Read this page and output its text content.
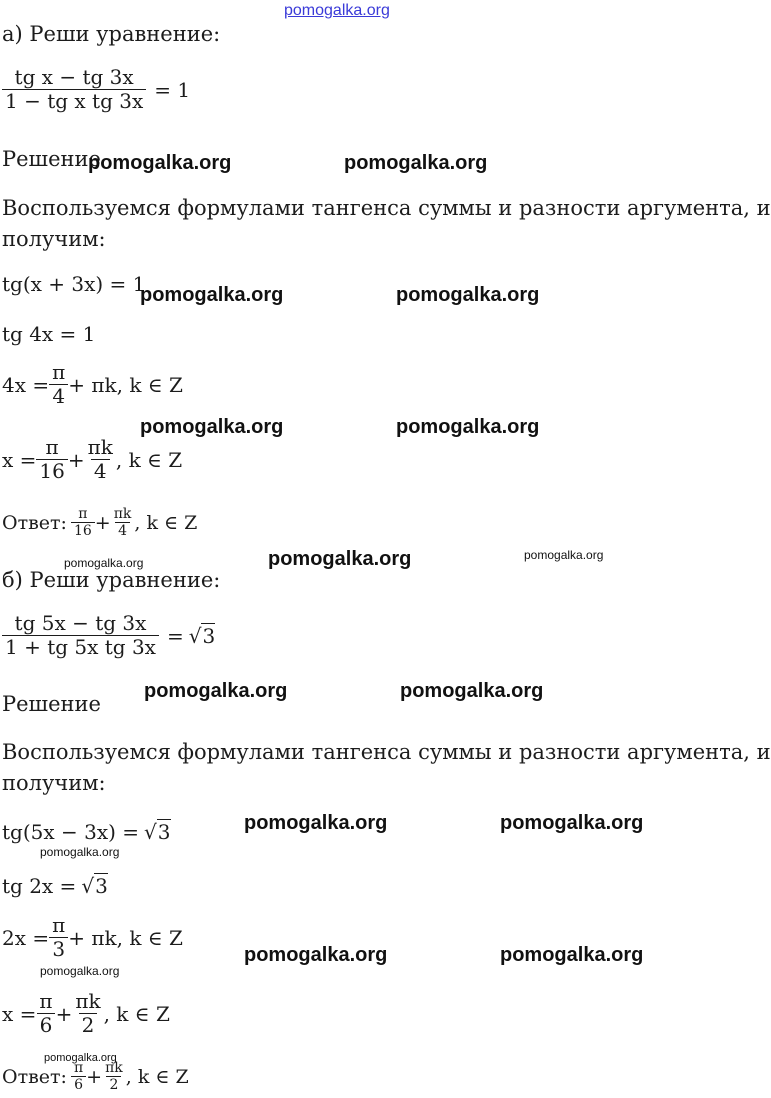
pomogalka.org
а) Реши уравнение:
$\frac{\text{tg x − tg 3x}}{\text{1 − tg x tg 3x}} = 1$
Решение
Воспользуемся формулами тангенса суммы и разности аргумента, и
получим:
tg(x + 3x) = 1
tg 4x = 1
$4x = \frac{\pi}{4} + \pi k$, k ∈ Z
$x = \frac{\pi}{16} + \frac{\pi k}{4}$ , k ∈ Z
Ответ: $\frac{\pi}{16} + \frac{\pi k}{4}$ , k ∈ Z
б) Реши уравнение:
$\frac{tg 5x - tg 3x}{\text{1 + tg 5x tg 3x}} = √3$
Решение
Воспользуемся формулами тангенса суммы и разности аргумента, и
получим:
tg(5x − 3x) = √3
tg 2x = √3
$2x = \frac{\pi}{3} + \pi k$, k ∈ Z
$x = \frac{\pi}{6} + \frac{\pi k}{2}$ , k ∈ Z
Ответ: $\frac{\pi}{6} + \frac{\pi k}{2}$ , k ∈ Z
pomogalka.org	pomogalka.org
pomogalka.org	pomogalka.org
pomogalka.org	pomogalka.org
pomogalka.org	pomogalka.org	pomogalka.org
pomogalka.org	pomogalka.org
pomogalka.org	pomogalka.org
pomogalka.org
pomogalka.org	pomogalka.org
pomogalka.org
pomogalka.org
